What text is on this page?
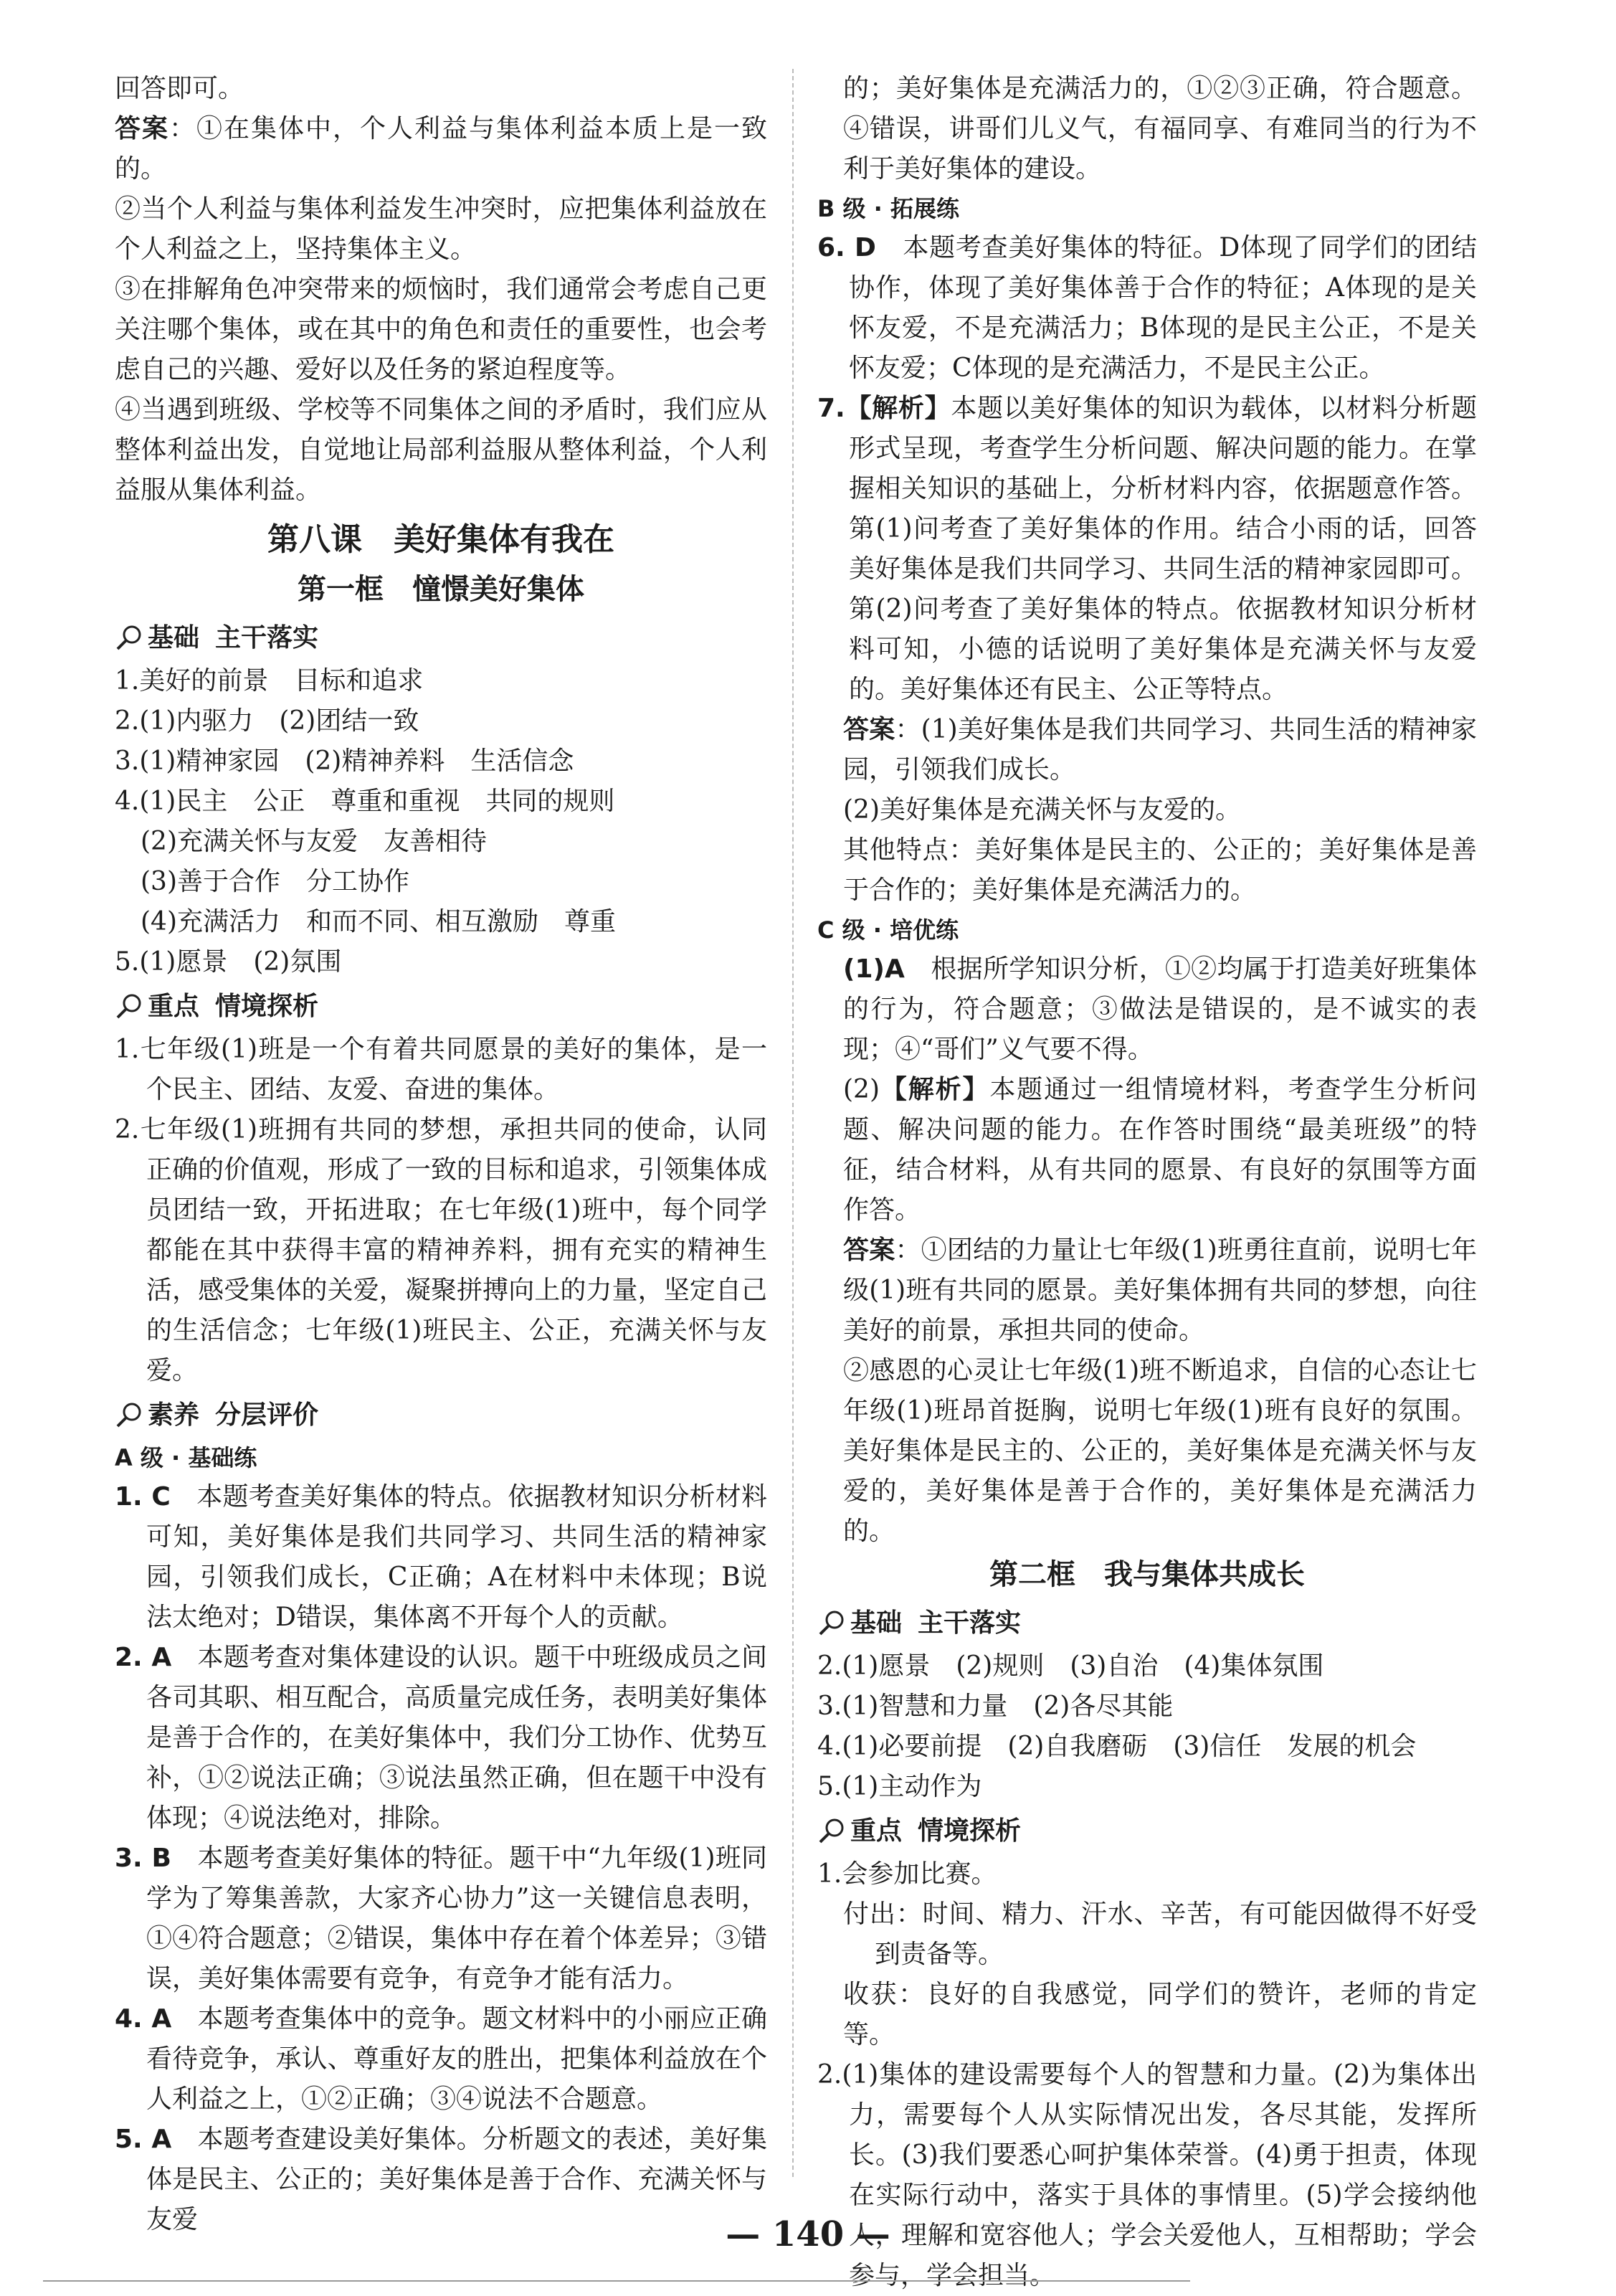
回答即可。

答案：①在集体中，个人利益与集体利益本质上是一致的。

②当个人利益与集体利益发生冲突时，应把集体利益放在个人利益之上，坚持集体主义。

③在排解角色冲突带来的烦恼时，我们通常会考虑自己更关注哪个集体，或在其中的角色和责任的重要性，也会考虑自己的兴趣、爱好以及任务的紧迫程度等。

④当遇到班级、学校等不同集体之间的矛盾时，我们应从整体利益出发，自觉地让局部利益服从整体利益，个人利益服从集体利益。

第八课　美好集体有我在
第一框　憧憬美好集体
基础 主干落实

1.美好的前景　目标和追求

2.(1)内驱力　(2)团结一致

3.(1)精神家园　(2)精神养料　生活信念

4.(1)民主　公正　尊重和重视　共同的规则

(2)充满关怀与友爱　友善相待

(3)善于合作　分工协作

(4)充满活力　和而不同、相互激励　尊重

5.(1)愿景　(2)氛围

重点 情境探析

1.七年级(1)班是一个有着共同愿景的美好的集体，是一个民主、团结、友爱、奋进的集体。

2.七年级(1)班拥有共同的梦想，承担共同的使命，认同正确的价值观，形成了一致的目标和追求，引领集体成员团结一致，开拓进取；在七年级(1)班中，每个同学都能在其中获得丰富的精神养料，拥有充实的精神生活，感受集体的关爱，凝聚拼搏向上的力量，坚定自己的生活信念；七年级(1)班民主、公正，充满关怀与友爱。

素养 分层评价
A 级 · 基础练

1. C　本题考查美好集体的特点。依据教材知识分析材料可知，美好集体是我们共同学习、共同生活的精神家园，引领我们成长，C正确；A在材料中未体现；B说法太绝对；D错误，集体离不开每个人的贡献。

2. A　本题考查对集体建设的认识。题干中班级成员之间各司其职、相互配合，高质量完成任务，表明美好集体是善于合作的，在美好集体中，我们分工协作、优势互补，①②说法正确；③说法虽然正确，但在题干中没有体现；④说法绝对，排除。

3. B　本题考查美好集体的特征。题干中“九年级(1)班同学为了筹集善款，大家齐心协力”这一关键信息表明，①④符合题意；②错误，集体中存在着个体差异；③错误，美好集体需要有竞争，有竞争才能有活力。

4. A　本题考查集体中的竞争。题文材料中的小丽应正确看待竞争，承认、尊重好友的胜出，把集体利益放在个人利益之上，①②正确；③④说法不合题意。

5. A　本题考查建设美好集体。分析题文的表述，美好集体是民主、公正的；美好集体是善于合作、充满关怀与友爱

的；美好集体是充满活力的，①②③正确，符合题意。④错误，讲哥们儿义气，有福同享、有难同当的行为不利于美好集体的建设。

B 级 · 拓展练

6. D　本题考查美好集体的特征。D体现了同学们的团结协作，体现了美好集体善于合作的特征；A体现的是关怀友爱，不是充满活力；B体现的是民主公正，不是关怀友爱；C体现的是充满活力，不是民主公正。

7.【解析】本题以美好集体的知识为载体，以材料分析题形式呈现，考查学生分析问题、解决问题的能力。在掌握相关知识的基础上，分析材料内容，依据题意作答。第(1)问考查了美好集体的作用。结合小雨的话，回答美好集体是我们共同学习、共同生活的精神家园即可。第(2)问考查了美好集体的特点。依据教材知识分析材料可知，小德的话说明了美好集体是充满关怀与友爱的。美好集体还有民主、公正等特点。

答案：(1)美好集体是我们共同学习、共同生活的精神家园，引领我们成长。

(2)美好集体是充满关怀与友爱的。

其他特点：美好集体是民主的、公正的；美好集体是善于合作的；美好集体是充满活力的。

C 级 · 培优练

(1)A　根据所学知识分析，①②均属于打造美好班集体的行为，符合题意；③做法是错误的，是不诚实的表现；④“哥们”义气要不得。

(2)【解析】本题通过一组情境材料，考查学生分析问题、解决问题的能力。在作答时围绕“最美班级”的特征，结合材料，从有共同的愿景、有良好的氛围等方面作答。

答案：①团结的力量让七年级(1)班勇往直前，说明七年级(1)班有共同的愿景。美好集体拥有共同的梦想，向往美好的前景，承担共同的使命。

②感恩的心灵让七年级(1)班不断追求，自信的心态让七年级(1)班昂首挺胸，说明七年级(1)班有良好的氛围。美好集体是民主的、公正的，美好集体是充满关怀与友爱的，美好集体是善于合作的，美好集体是充满活力的。

第二框　我与集体共成长
基础 主干落实

2.(1)愿景　(2)规则　(3)自治　(4)集体氛围

3.(1)智慧和力量　(2)各尽其能

4.(1)必要前提　(2)自我磨砺　(3)信任　发展的机会

5.(1)主动作为

重点 情境探析

1.会参加比赛。

付出：时间、精力、汗水、辛苦，有可能因做得不好受到责备等。

收获：良好的自我感觉，同学们的赞许，老师的肯定等。

2.(1)集体的建设需要每个人的智慧和力量。(2)为集体出力，需要每个人从实际情况出发，各尽其能，发挥所长。(3)我们要悉心呵护集体荣誉。(4)勇于担责，体现在实际行动中，落实于具体的事情里。(5)学会接纳他人，理解和宽容他人；学会关爱他人，互相帮助；学会参与，学会担当。

— 140 —
